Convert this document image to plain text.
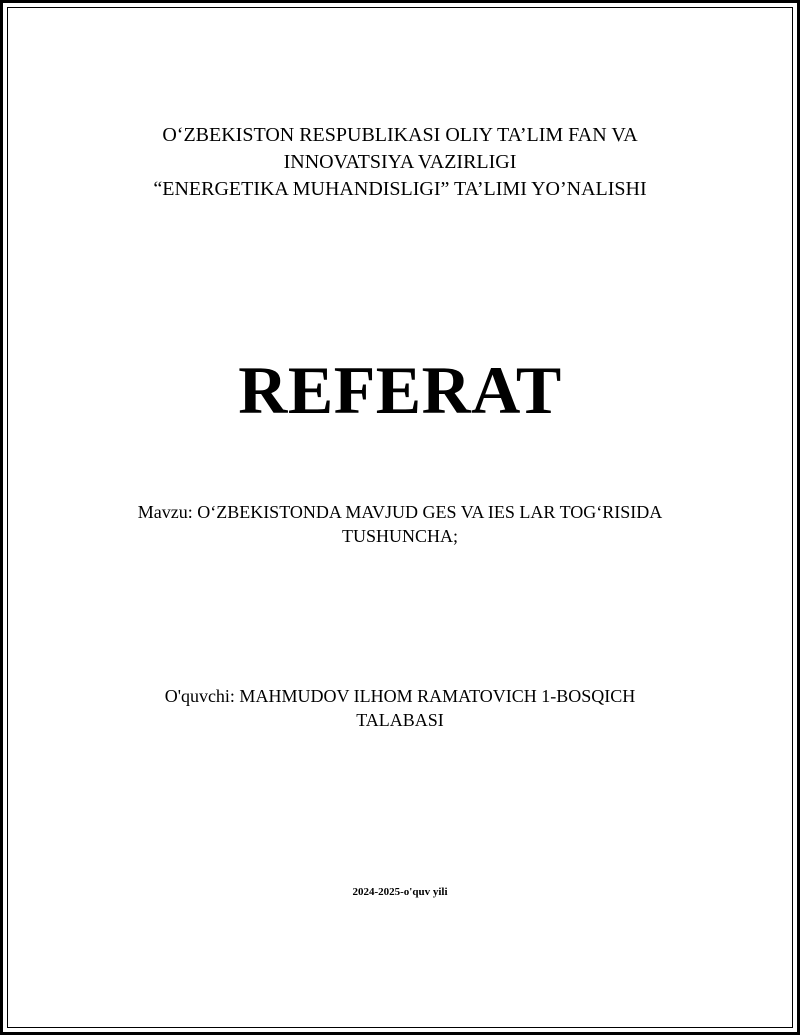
O‘ZBEKISTON RESPUBLIKASI OLIY TA’LIM FAN VA
INNOVATSIYA VAZIRLIGI
“ENERGETIKA MUHANDISLIGI” TA’LIMI YO’NALISHI
REFERAT
Mavzu: O‘ZBEKISTONDA MAVJUD GES VA IES LAR TOG‘RISIDA
TUSHUNCHA;
O'quvchi: MAHMUDOV ILHOM RAMATOVICH 1-BOSQICH
TALABASI
2024-2025-o'quv yili
